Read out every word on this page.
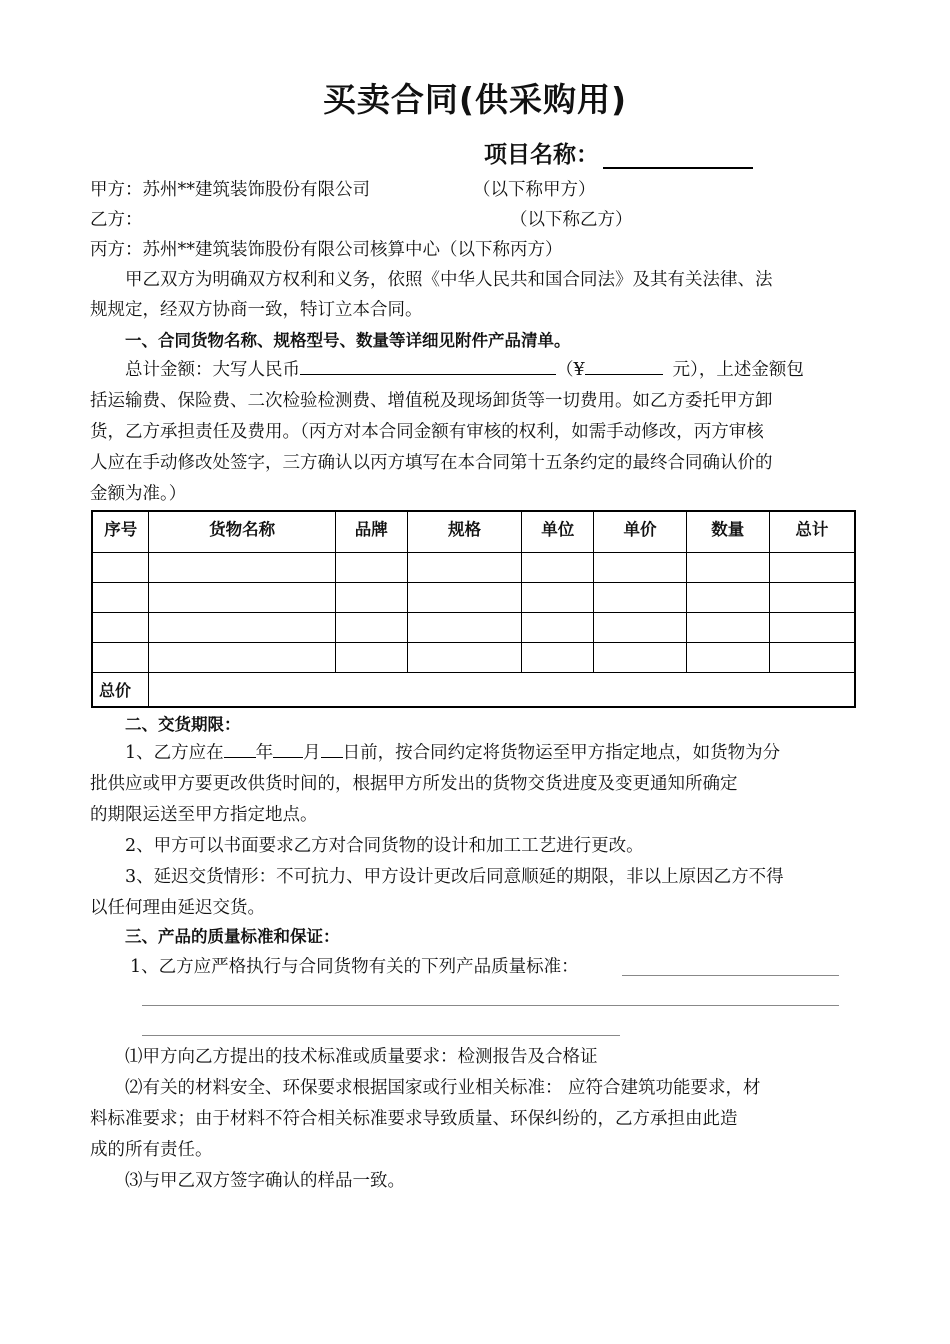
买卖合同(供采购用)
项目名称：
甲方：苏州**建筑装饰股份有限公司	（以下称甲方）
乙方：	（以下称乙方）
丙方：苏州**建筑装饰股份有限公司核算中心（以下称丙方）
甲乙双方为明确双方权利和义务，依照《中华人民共和国合同法》及其有关法律、法
规规定，经双方协商一致，特订立本合同。
一、合同货物名称、规格型号、数量等详细见附件产品清单。
总计金额：大写人民币	（¥	元），上述金额包
括运输费、保险费、二次检验检测费、增值税及现场卸货等一切费用。如乙方委托甲方卸
货，乙方承担责任及费用。（丙方对本合同金额有审核的权利，如需手动修改，丙方审核
人应在手动修改处签字，三方确认以丙方填写在本合同第十五条约定的最终合同确认价的
金额为准。）
序号	货物名称	品牌	规格	单位	单价	数量	总计

总价							
二、交货期限：
1、乙方应在 年 月 日前，按合同约定将货物运至甲方指定地点，如货物为分
批供应或甲方要更改供货时间的，根据甲方所发出的货物交货进度及变更通知所确定
的期限运送至甲方指定地点。
2、甲方可以书面要求乙方对合同货物的设计和加工工艺进行更改。
3、延迟交货情形：不可抗力、甲方设计更改后同意顺延的期限，非以上原因乙方不得
以任何理由延迟交货。
三、产品的质量标准和保证：
1、乙方应严格执行与合同货物有关的下列产品质量标准：
⑴甲方向乙方提出的技术标准或质量要求：检测报告及合格证
⑵有关的材料安全、环保要求根据国家或行业相关标准： 应符合建筑功能要求，材
料标准要求；由于材料不符合相关标准要求导致质量、环保纠纷的，乙方承担由此造
成的所有责任。
⑶与甲乙双方签字确认的样品一致。
